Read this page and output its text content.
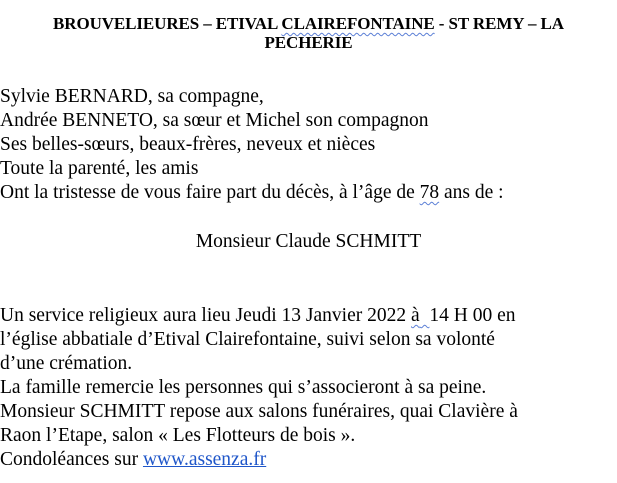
BROUVELIEURES – ETIVAL CLAIREFONTAINE - ST REMY – LA
PECHERIE
Sylvie BERNARD, sa compagne,
Andrée BENNETO, sa sœur et Michel son compagnon
Ses belles-sœurs, beaux-frères, neveux et nièces
Toute la parenté, les amis
Ont la tristesse de vous faire part du décès, à l’âge de 78 ans de :
Monsieur Claude SCHMITT
Un service religieux aura lieu Jeudi 13 Janvier 2022 à 14 H 00 en
l’église abbatiale d’Etival Clairefontaine, suivi selon sa volonté
d’une crémation.
La famille remercie les personnes qui s’associeront à sa peine.
Monsieur SCHMITT repose aux salons funéraires, quai Clavière à
Raon l’Etape, salon « Les Flotteurs de bois ».
Condoléances sur www.assenza.fr
